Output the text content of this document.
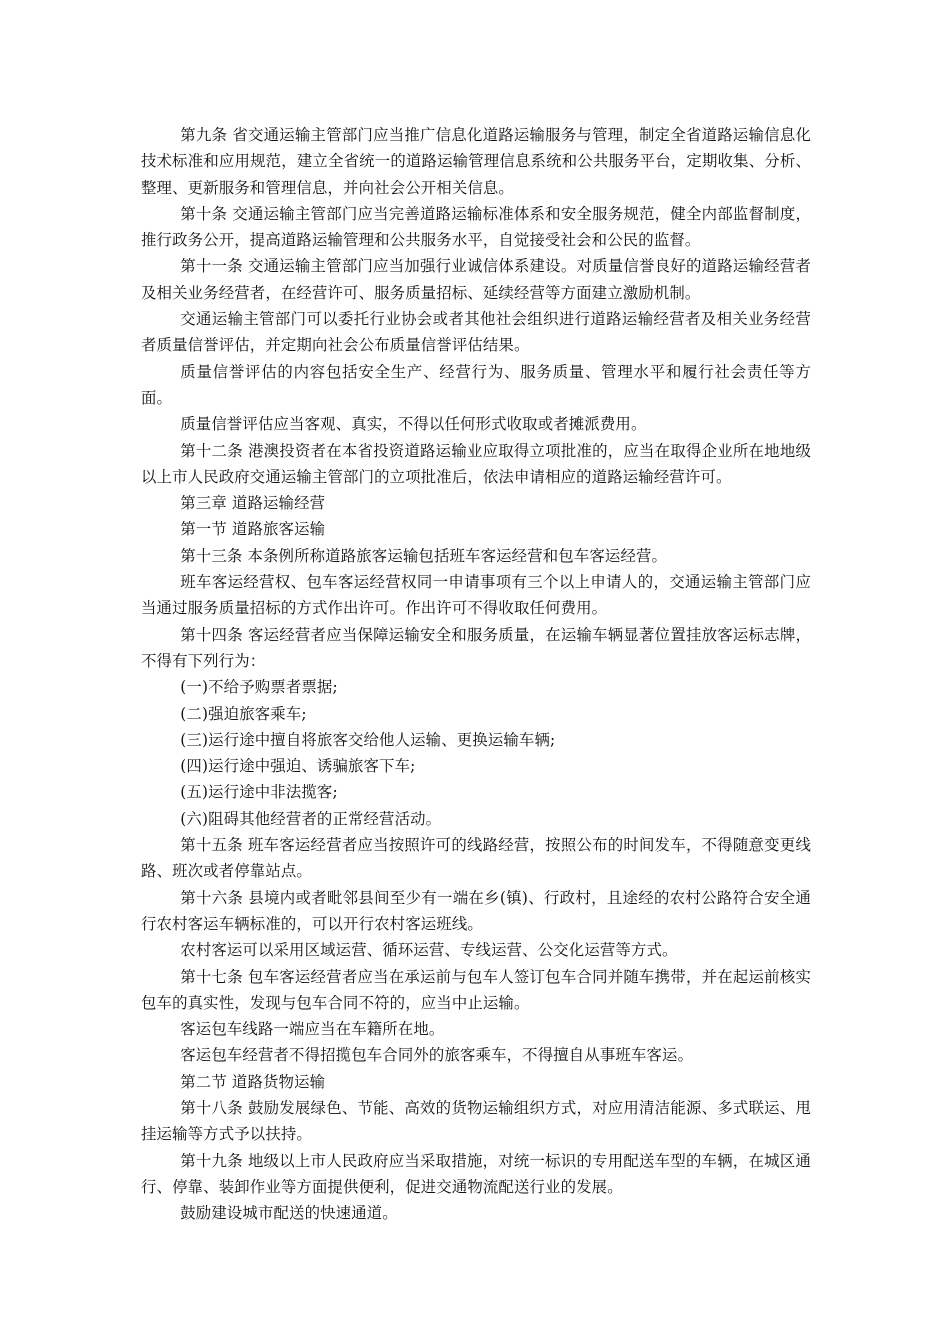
第九条 省交通运输主管部门应当推广信息化道路运输服务与管理，制定全省道路运输信息化技术标准和应用规范，建立全省统一的道路运输管理信息系统和公共服务平台，定期收集、分析、整理、更新服务和管理信息，并向社会公开相关信息。

第十条 交通运输主管部门应当完善道路运输标准体系和安全服务规范，健全内部监督制度，推行政务公开，提高道路运输管理和公共服务水平，自觉接受社会和公民的监督。

第十一条 交通运输主管部门应当加强行业诚信体系建设。对质量信誉良好的道路运输经营者及相关业务经营者，在经营许可、服务质量招标、延续经营等方面建立激励机制。

交通运输主管部门可以委托行业协会或者其他社会组织进行道路运输经营者及相关业务经营者质量信誉评估，并定期向社会公布质量信誉评估结果。

质量信誉评估的内容包括安全生产、经营行为、服务质量、管理水平和履行社会责任等方面。

质量信誉评估应当客观、真实，不得以任何形式收取或者摊派费用。

第十二条 港澳投资者在本省投资道路运输业应取得立项批准的，应当在取得企业所在地地级以上市人民政府交通运输主管部门的立项批准后，依法申请相应的道路运输经营许可。

第三章 道路运输经营

第一节 道路旅客运输

第十三条 本条例所称道路旅客运输包括班车客运经营和包车客运经营。

班车客运经营权、包车客运经营权同一申请事项有三个以上申请人的，交通运输主管部门应当通过服务质量招标的方式作出许可。作出许可不得收取任何费用。

第十四条 客运经营者应当保障运输安全和服务质量，在运输车辆显著位置挂放客运标志牌，不得有下列行为：

(一)不给予购票者票据;

(二)强迫旅客乘车;

(三)运行途中擅自将旅客交给他人运输、更换运输车辆;

(四)运行途中强迫、诱骗旅客下车;

(五)运行途中非法揽客;

(六)阻碍其他经营者的正常经营活动。

第十五条 班车客运经营者应当按照许可的线路经营，按照公布的时间发车，不得随意变更线路、班次或者停靠站点。

第十六条 县境内或者毗邻县间至少有一端在乡(镇)、行政村，且途经的农村公路符合安全通行农村客运车辆标准的，可以开行农村客运班线。

农村客运可以采用区域运营、循环运营、专线运营、公交化运营等方式。

第十七条 包车客运经营者应当在承运前与包车人签订包车合同并随车携带，并在起运前核实包车的真实性，发现与包车合同不符的，应当中止运输。

客运包车线路一端应当在车籍所在地。

客运包车经营者不得招揽包车合同外的旅客乘车，不得擅自从事班车客运。

第二节 道路货物运输

第十八条 鼓励发展绿色、节能、高效的货物运输组织方式，对应用清洁能源、多式联运、甩挂运输等方式予以扶持。

第十九条 地级以上市人民政府应当采取措施，对统一标识的专用配送车型的车辆，在城区通行、停靠、装卸作业等方面提供便利，促进交通物流配送行业的发展。

鼓励建设城市配送的快速通道。
